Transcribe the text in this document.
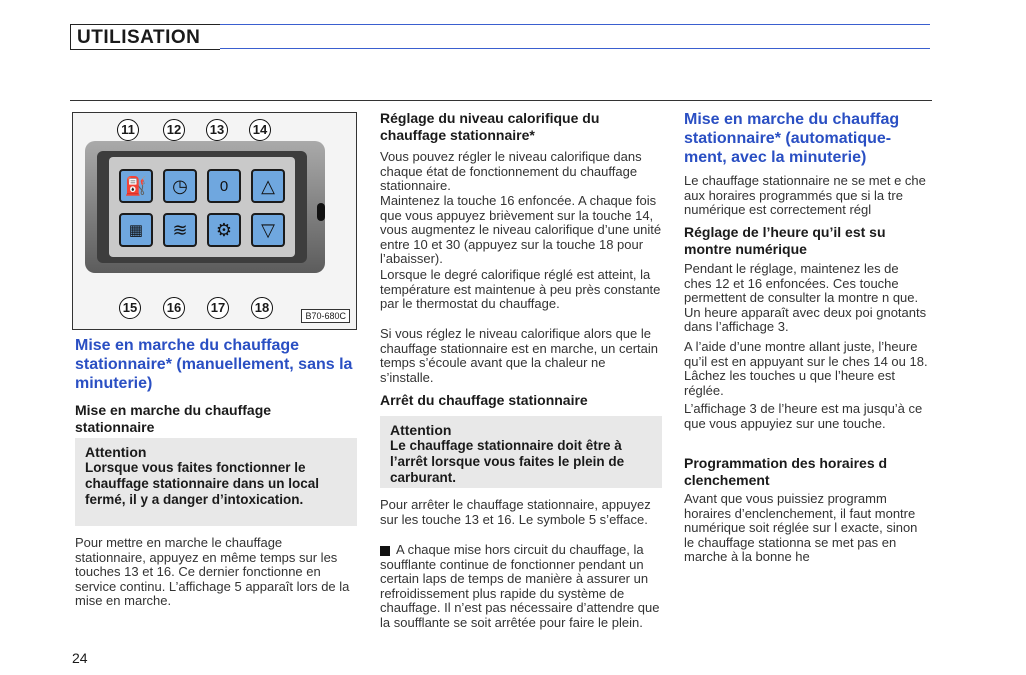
UTILISATION
11	12 13 14
⛽ ◷ 0 △
▦ ≋ ⚙ ▽
15 16 17 18
B70-680C
Mise en marche du chauffage stationnaire* (manuellement, sans la minuterie)
Mise en marche du chauffage stationnaire
Attention
Lorsque vous faites fonctionner le chauffage stationnaire dans un local fermé, il y a danger d’intoxication.
Pour mettre en marche le chauffage stationnaire, appuyez en même temps sur les touches 13 et 16. Ce dernier fonctionne en service continu. L’affichage 5 apparaît lors de la mise en marche.
Réglage du niveau calorifique du chauffage stationnaire*
Vous pouvez régler le niveau calorifique dans chaque état de fonctionnement du chauffage stationnaire.
Maintenez la touche 16 enfoncée. A chaque fois que vous appuyez brièvement sur la touche 14, vous augmentez le niveau calorifique d’une unité entre 10 et 30 (appuyez sur la touche 18 pour l’abaisser).
Lorsque le degré calorifique réglé est atteint, la température est maintenue à peu près constante par le thermostat du chauffage.
Si vous réglez le niveau calorifique alors que le chauffage stationnaire est en marche, un certain temps s’écoule avant que la chaleur ne s’installe.
Arrêt du chauffage stationnaire
Attention
Le chauffage stationnaire doit être à l’arrêt lorsque vous faites le plein de carburant.
Pour arrêter le chauffage stationnaire, appuyez sur les touche 13 et 16. Le symbole 5 s’efface.
A chaque mise hors circuit du chauffage, la soufflante continue de fonctionner pendant un certain laps de temps de manière à assurer un refroidissement plus rapide du système de chauffage. Il n’est pas nécessaire d’attendre que la soufflante se soit arrêtée pour faire le plein.
Mise en marche du chauffag stationnaire* (automatique- ment, avec la minuterie)
Le chauffage stationnaire ne se met e che aux horaires programmés que si la tre numérique est correctement régl
Réglage de l’heure qu’il est su montre numérique
Pendant le réglage, maintenez les de ches 12 et 16 enfoncées. Ces touche permettent de consulter la montre n que. Un heure apparaît avec deux poi gnotants dans l’affichage 3.
A l’aide d’une montre allant juste, l’heure qu’il est en appuyant sur le ches 14 ou 18. Lâchez les touches u que l’heure est réglée.
L’affichage 3 de l’heure est ma jusqu’à ce que vous appuyiez sur une touche.
Programmation des horaires d clenchement
Avant que vous puissiez programm horaires d’enclenchement, il faut montre numérique soit réglée sur l exacte, sinon le chauffage stationna se met pas en marche à la bonne he
24
